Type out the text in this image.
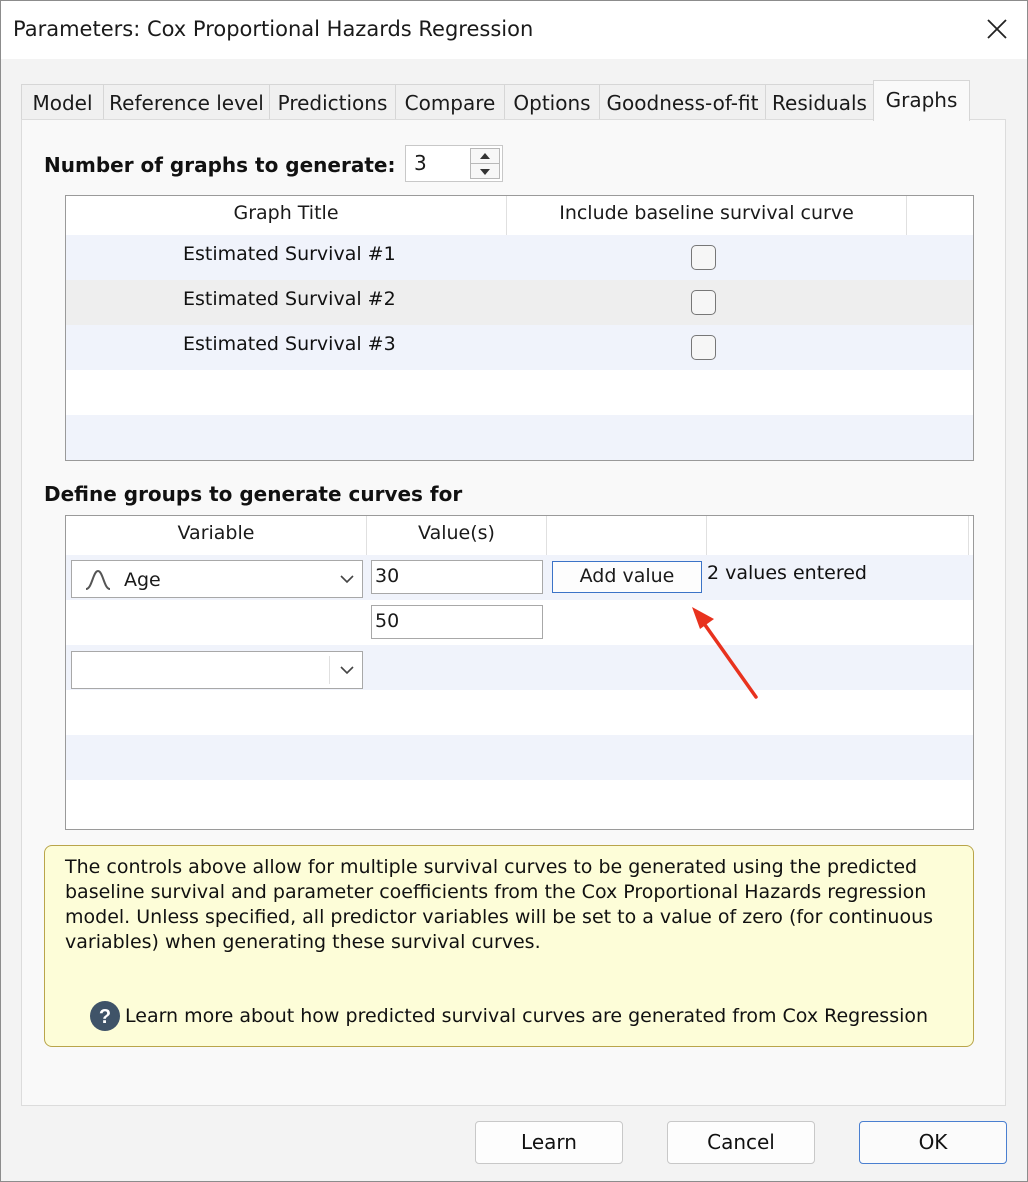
Parameters: Cox Proportional Hazards Regression
Model Reference level Predictions Compare Options Goodness-of-fit Residuals Graphs
Number of graphs to generate: 3
Graph Title	Include baseline survival curve
Estimated Survival #1
Estimated Survival #2
Estimated Survival #3
Define groups to generate curves for
Variable	Value(s)
Age	30	Add value	2 values entered
50
The controls above allow for multiple survival curves to be generated using the predicted baseline survival and parameter coefficients from the Cox Proportional Hazards regression model. Unless specified, all predictor variables will be set to a value of zero (for continuous variables) when generating these survival curves.
? Learn more about how predicted survival curves are generated from Cox Regression
Learn	Cancel	OK
